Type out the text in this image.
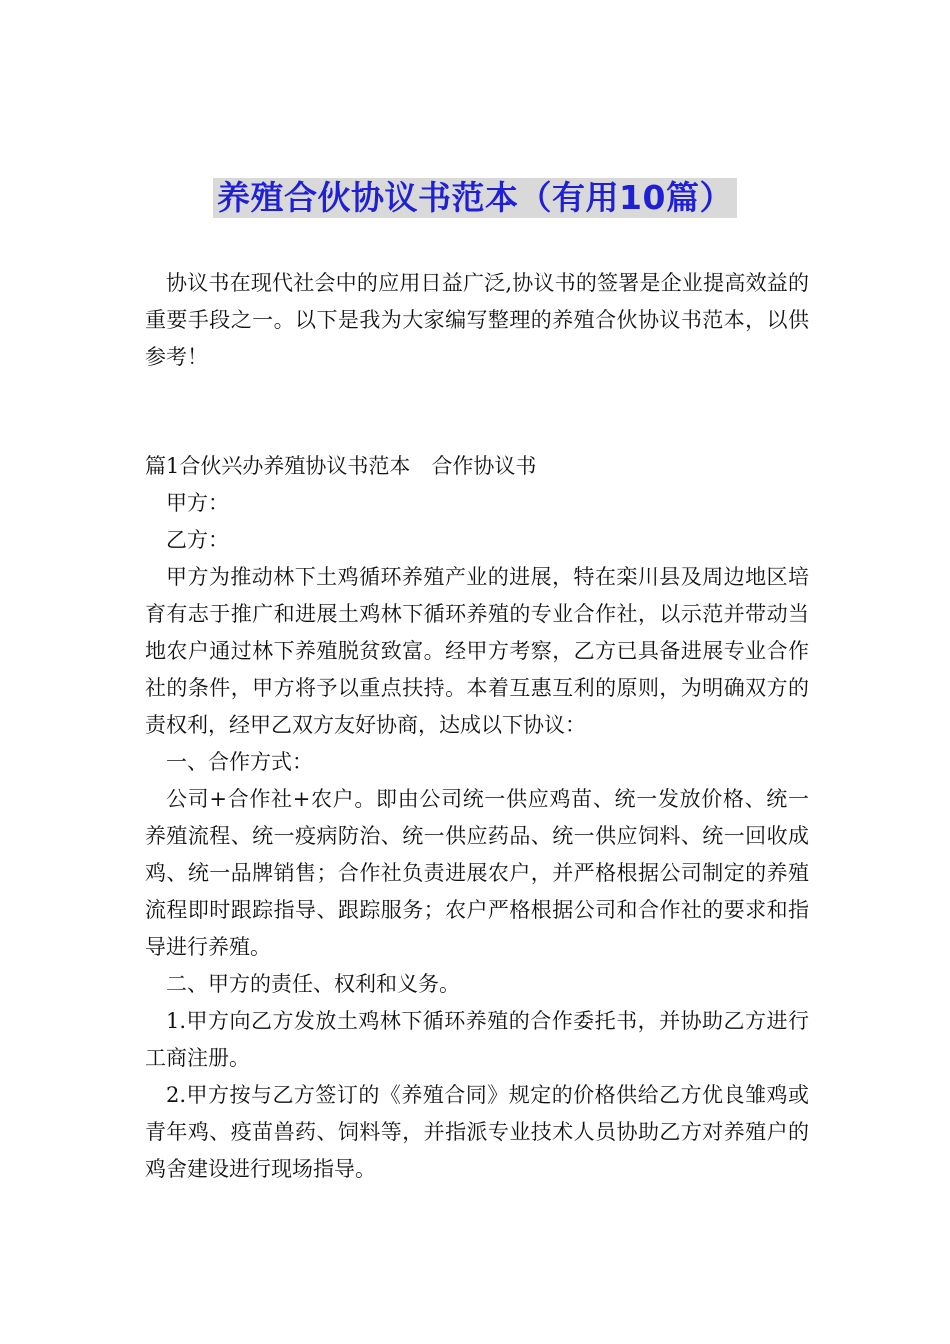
养殖合伙协议书范本（有用10篇）

协议书在现代社会中的应用日益广泛,协议书的签署是企业提高效益的重要手段之一。以下是我为大家编写整理的养殖合伙协议书范本，以供参考！

篇1合伙兴办养殖协议书范本　合作协议书

甲方：

乙方：

甲方为推动林下土鸡循环养殖产业的进展，特在栾川县及周边地区培育有志于推广和进展土鸡林下循环养殖的专业合作社，以示范并带动当地农户通过林下养殖脱贫致富。经甲方考察，乙方已具备进展专业合作社的条件，甲方将予以重点扶持。本着互惠互利的原则，为明确双方的责权利，经甲乙双方友好协商，达成以下协议：

一、合作方式：

公司+合作社+农户。即由公司统一供应鸡苗、统一发放价格、统一养殖流程、统一疫病防治、统一供应药品、统一供应饲料、统一回收成鸡、统一品牌销售；合作社负责进展农户，并严格根据公司制定的养殖流程即时跟踪指导、跟踪服务；农户严格根据公司和合作社的要求和指导进行养殖。

二、甲方的责任、权利和义务。

1.甲方向乙方发放土鸡林下循环养殖的合作委托书，并协助乙方进行工商注册。

2.甲方按与乙方签订的《养殖合同》规定的价格供给乙方优良雏鸡或青年鸡、疫苗兽药、饲料等，并指派专业技术人员协助乙方对养殖户的鸡舍建设进行现场指导。
